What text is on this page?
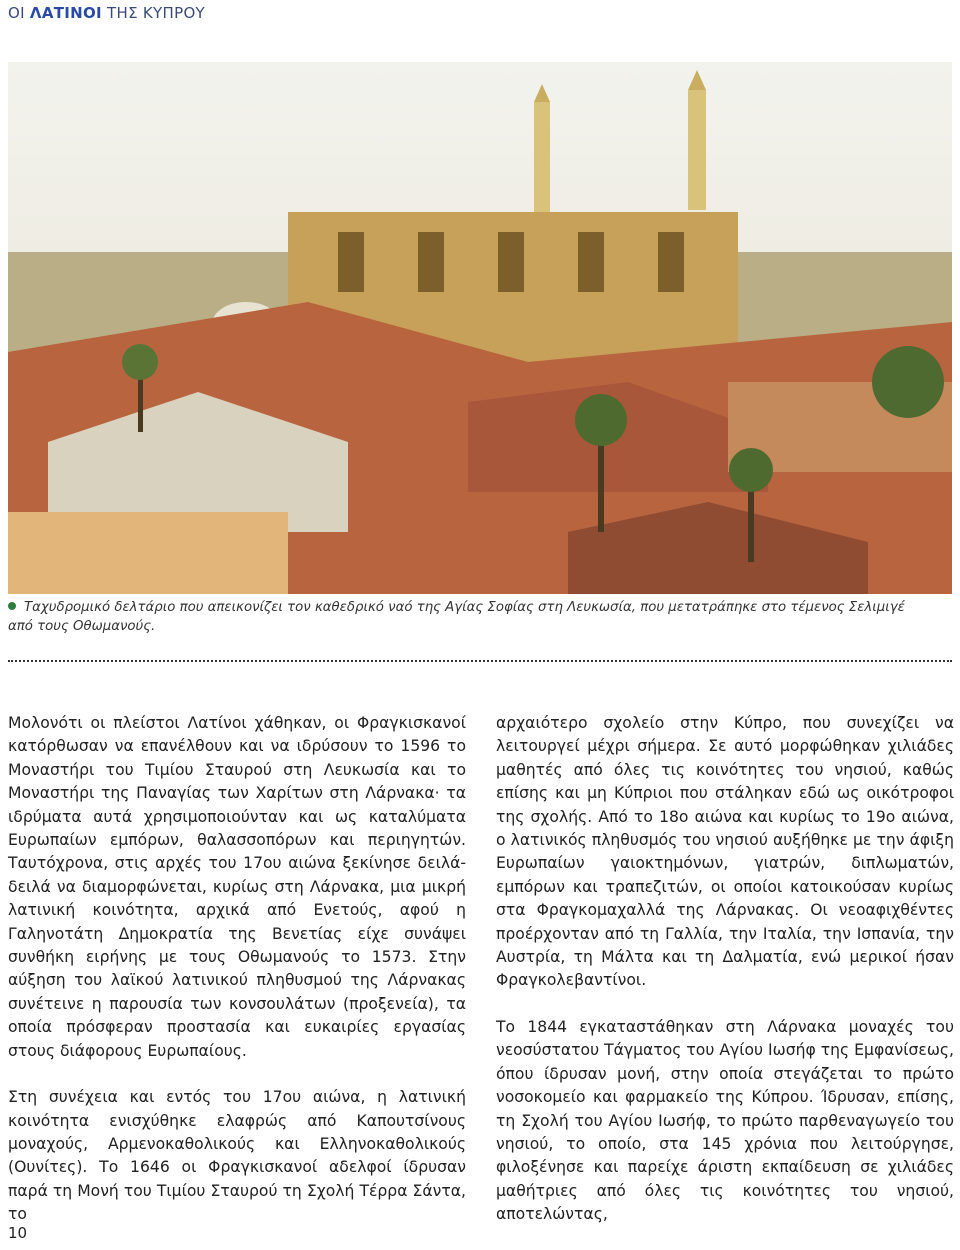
ΟΙ ΛΑΤΙΝΟΙ ΤΗΣ ΚΥΠΡΟΥ
Ταχυδρομικό δελτάριο που απεικονίζει τον καθεδρικό ναό της Αγίας Σοφίας στη Λευκωσία, που μετατράπηκε στο τέμενος Σελιμιγέ από τους Οθωμανούς.

Μολονότι οι πλείστοι Λατίνοι χάθηκαν, οι Φραγκισκανοί κατόρθωσαν να επανέλθουν και να ιδρύσουν το 1596 το Μοναστήρι του Τιμίου Σταυρού στη Λευκωσία και το Μοναστήρι της Παναγίας των Χαρίτων στη Λάρνακα· τα ιδρύματα αυτά χρησιμοποιούνταν και ως καταλύματα Ευρωπαίων εμπόρων, θαλασσοπόρων και περιηγητών. Ταυτόχρονα, στις αρχές του 17ου αιώνα ξεκίνησε δειλά-δειλά να διαμορφώνεται, κυρίως στη Λάρνακα, μια μικρή λατινική κοινότητα, αρχικά από Ενετούς, αφού η Γαληνοτάτη Δημοκρατία της Βενετίας είχε συνάψει συνθήκη ειρήνης με τους Οθωμανούς το 1573. Στην αύξηση του λαϊκού λατινικού πληθυσμού της Λάρνακας συνέτεινε η παρουσία των κονσουλάτων (προξενεία), τα οποία πρόσφεραν προστασία και ευκαιρίες εργασίας στους διάφορους Ευρωπαίους.

Στη συνέχεια και εντός του 17ου αιώνα, η λατινική κοινότητα ενισχύθηκε ελαφρώς από Καπουτσίνους μοναχούς, Αρμενοκαθολικούς και Ελληνοκαθολικούς (Ουνίτες). Το 1646 οι Φραγκισκανοί αδελφοί ίδρυσαν παρά τη Μονή του Τιμίου Σταυρού τη Σχολή Τέρρα Σάντα, το

αρχαιότερο σχολείο στην Κύπρο, που συνεχίζει να λειτουργεί μέχρι σήμερα. Σε αυτό μορφώθηκαν χιλιάδες μαθητές από όλες τις κοινότητες του νησιού, καθώς επίσης και μη Κύπριοι που στάληκαν εδώ ως οικότροφοι της σχολής. Από το 18ο αιώνα και κυρίως το 19ο αιώνα, ο λατινικός πληθυσμός του νησιού αυξήθηκε με την άφιξη Ευρωπαίων γαιοκτημόνων, γιατρών, διπλωματών, εμπόρων και τραπεζιτών, οι οποίοι κατοικούσαν κυρίως στα Φραγκομαχαλλά της Λάρνακας. Οι νεοαφιχθέντες προέρχονταν από τη Γαλλία, την Ιταλία, την Ισπανία, την Αυστρία, τη Μάλτα και τη Δαλματία, ενώ μερικοί ήσαν Φραγκολεβαντίνοι.

Το 1844 εγκαταστάθηκαν στη Λάρνακα μοναχές του νεοσύστατου Τάγματος του Αγίου Ιωσήφ της Εμφανίσεως, όπου ίδρυσαν μονή, στην οποία στεγάζεται το πρώτο νοσοκομείο και φαρμακείο της Κύπρου. Ίδρυσαν, επίσης, τη Σχολή του Αγίου Ιωσήφ, το πρώτο παρθεναγωγείο του νησιού, το οποίο, στα 145 χρόνια που λειτούργησε, φιλοξένησε και παρείχε άριστη εκπαίδευση σε χιλιάδες μαθήτριες από όλες τις κοινότητες του νησιού, αποτελώντας,

10
